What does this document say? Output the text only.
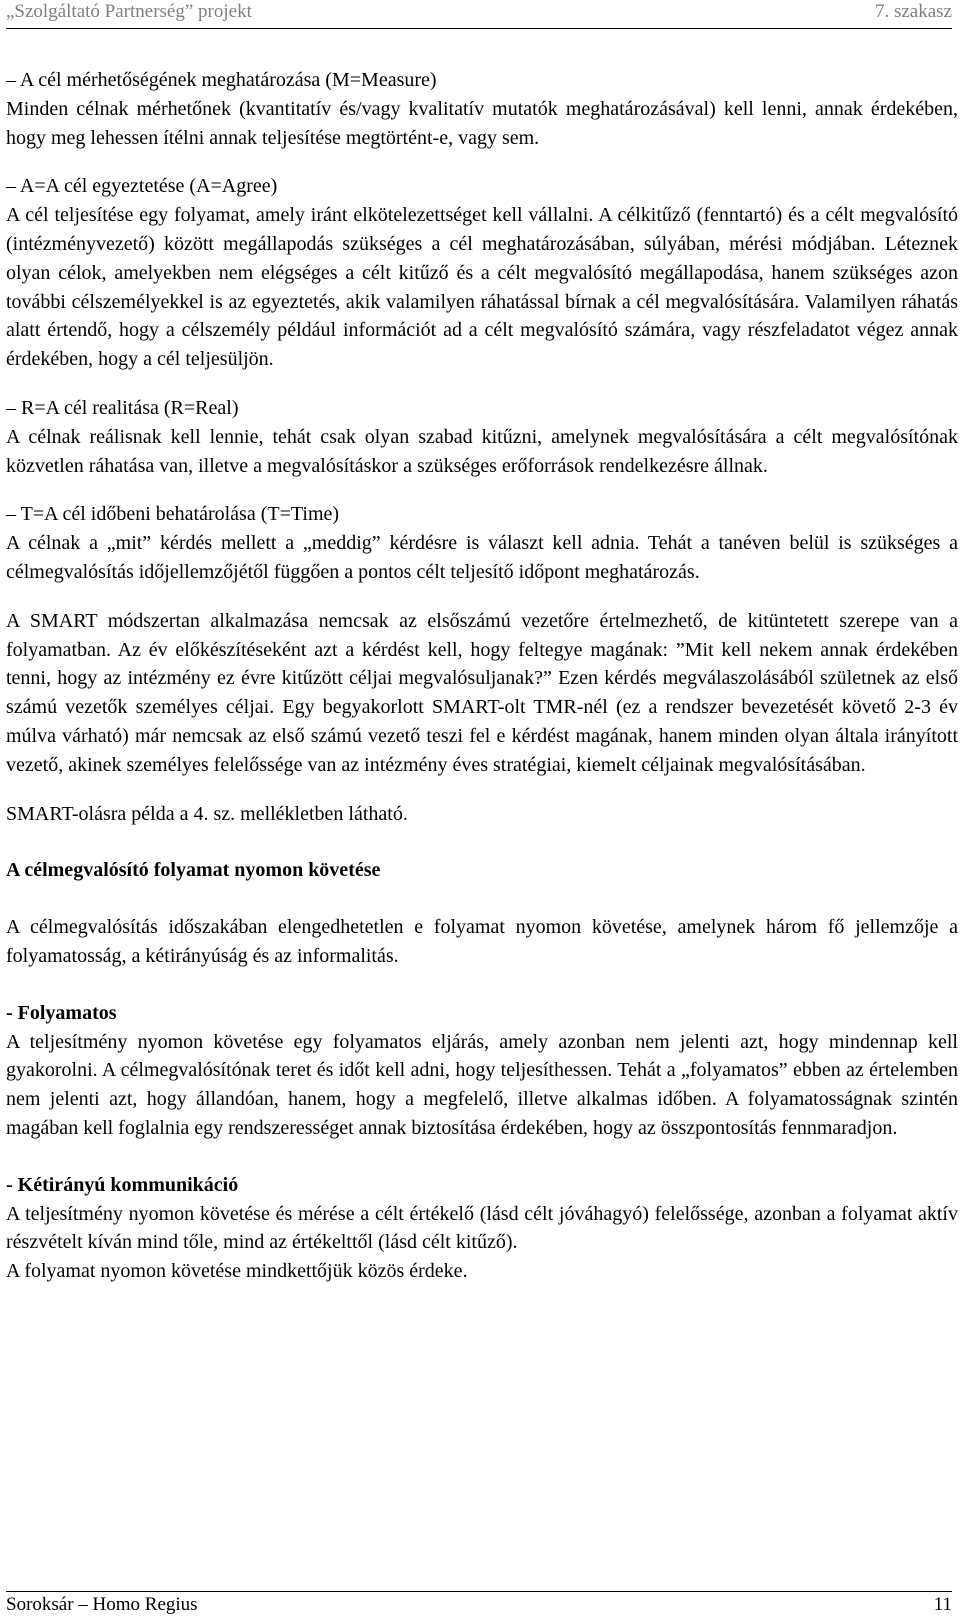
„Szolgáltató Partnerség” projekt	7. szakasz

– A cél mérhetőségének meghatározása (M=Measure)

Minden célnak mérhetőnek (kvantitatív és/vagy kvalitatív mutatók meghatározásával) kell lenni, annak érdekében, hogy meg lehessen ítélni annak teljesítése megtörtént-e, vagy sem.

– A=A cél egyeztetése (A=Agree)

A cél teljesítése egy folyamat, amely iránt elkötelezettséget kell vállalni. A célkitűző (fenntartó) és a célt megvalósító (intézményvezető) között megállapodás szükséges a cél meghatározásában, súlyában, mérési módjában. Léteznek olyan célok, amelyekben nem elégséges a célt kitűző és a célt megvalósító megállapodása, hanem szükséges azon további célszemélyekkel is az egyeztetés, akik valamilyen ráhatással bírnak a cél megvalósítására. Valamilyen ráhatás alatt értendő, hogy a célszemély például információt ad a célt megvalósító számára, vagy részfeladatot végez annak érdekében, hogy a cél teljesüljön.

– R=A cél realitása (R=Real)

A célnak reálisnak kell lennie, tehát csak olyan szabad kitűzni, amelynek megvalósítására a célt megvalósítónak közvetlen ráhatása van, illetve a megvalósításkor a szükséges erőforrások rendelkezésre állnak.

– T=A cél időbeni behatárolása (T=Time)

A célnak a „mit” kérdés mellett a „meddig” kérdésre is választ kell adnia. Tehát a tanéven belül is szükséges a célmegvalósítás időjellemzőjétől függően a pontos célt teljesítő időpont meghatározás.

A SMART módszertan alkalmazása nemcsak az elsőszámú vezetőre értelmezhető, de kitüntetett szerepe van a folyamatban. Az év előkészítéseként azt a kérdést kell, hogy feltegye magának: ”Mit kell nekem annak érdekében tenni, hogy az intézmény ez évre kitűzött céljai megvalósuljanak?” Ezen kérdés megválaszolásából születnek az első számú vezetők személyes céljai. Egy begyakorlott SMART-olt TMR-nél (ez a rendszer bevezetését követő 2-3 év múlva várható) már nemcsak az első számú vezető teszi fel e kérdést magának, hanem minden olyan általa irányított vezető, akinek személyes felelőssége van az intézmény éves stratégiai, kiemelt céljainak megvalósításában.

SMART-olásra példa a 4. sz. mellékletben látható.

A célmegvalósító folyamat nyomon követése

A célmegvalósítás időszakában elengedhetetlen e folyamat nyomon követése, amelynek három fő jellemzője a folyamatosság, a kétirányúság és az informalitás.

- Folyamatos

A teljesítmény nyomon követése egy folyamatos eljárás, amely azonban nem jelenti azt, hogy mindennap kell gyakorolni. A célmegvalósítónak teret és időt kell adni, hogy teljesíthessen. Tehát a „folyamatos” ebben az értelemben nem jelenti azt, hogy állandóan, hanem, hogy a megfelelő, illetve alkalmas időben. A folyamatosságnak szintén magában kell foglalnia egy rendszerességet annak biztosítása érdekében, hogy az összpontosítás fennmaradjon.

- Kétirányú kommunikáció

A teljesítmény nyomon követése és mérése a célt értékelő (lásd célt jóváhagyó) felelőssége, azonban a folyamat aktív részvételt kíván mind tőle, mind az értékelttől (lásd célt kitűző).

A folyamat nyomon követése mindkettőjük közös érdeke.

Soroksár – Homo Regius	11
